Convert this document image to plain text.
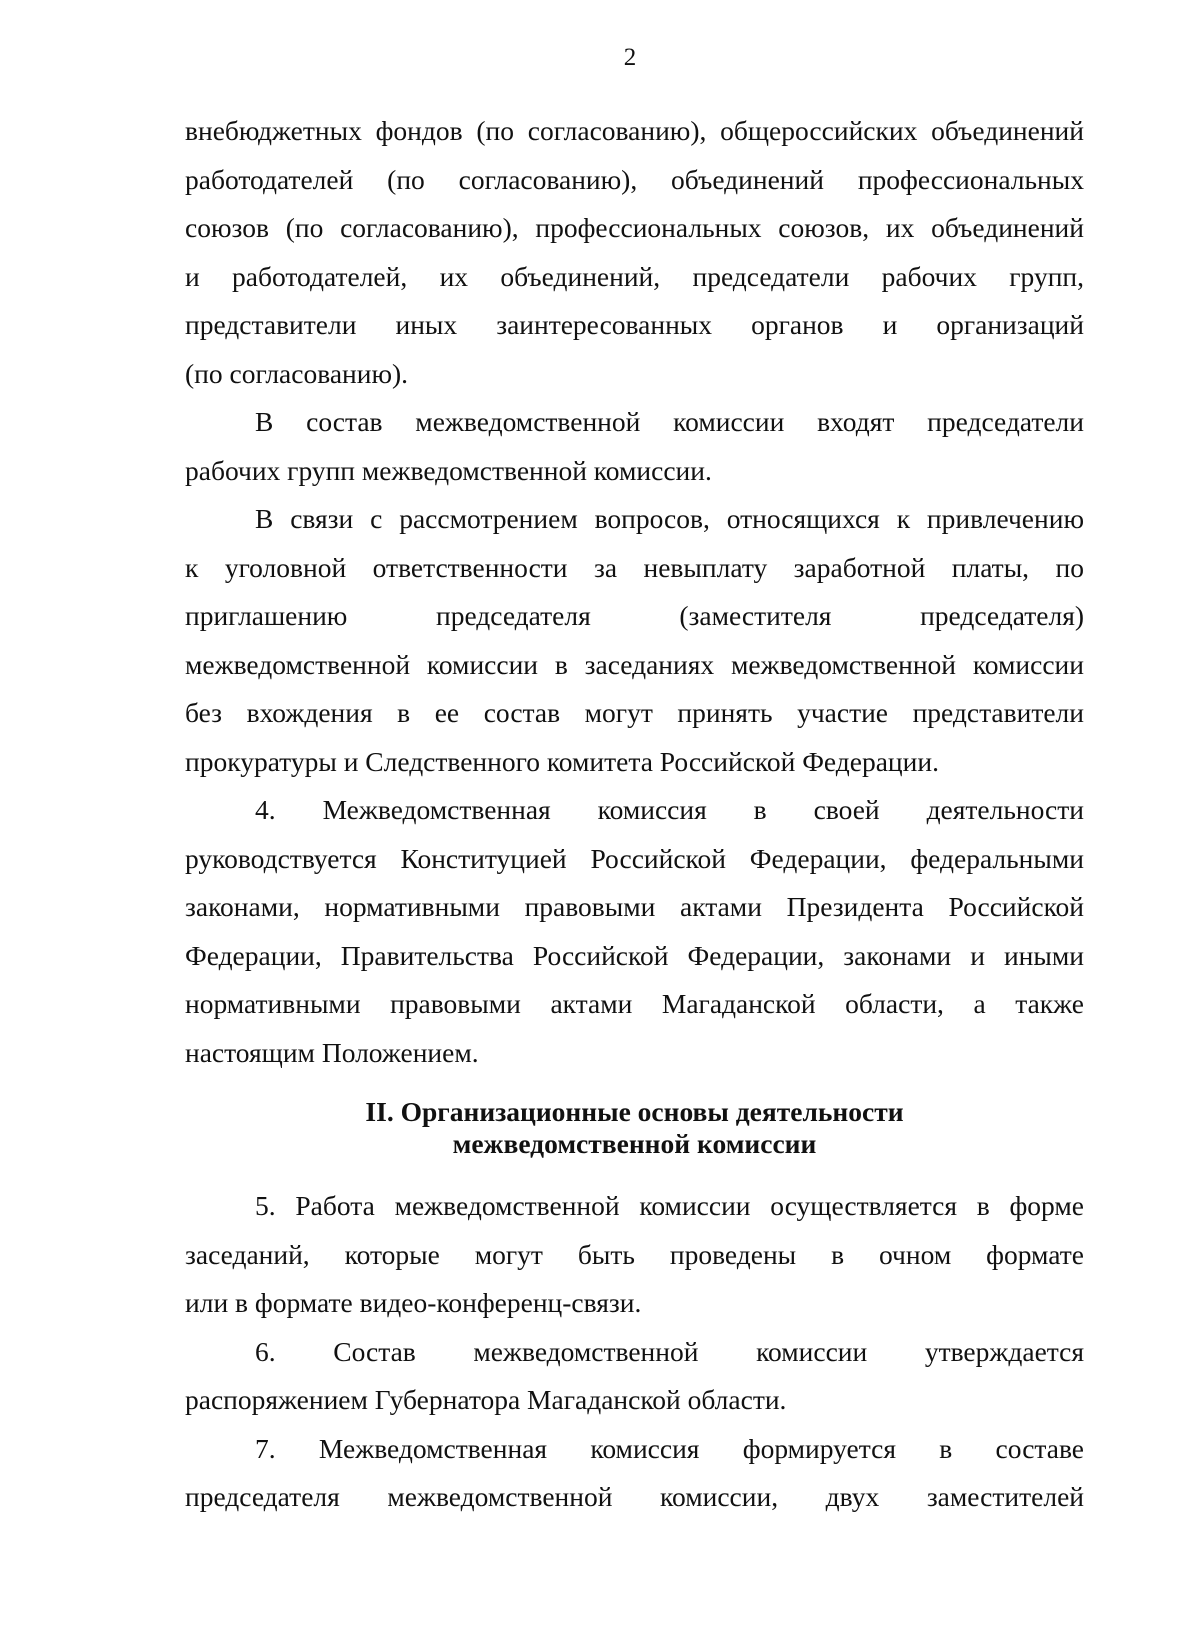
2
внебюджетных фондов (по согласованию), общероссийских объединений
работодателей (по согласованию), объединений профессиональных
союзов (по согласованию), профессиональных союзов, их объединений
и работодателей, их объединений, председатели рабочих групп,
представители иных заинтересованных органов и организаций
(по согласованию).
В состав межведомственной комиссии входят председатели
рабочих групп межведомственной комиссии.
В связи с рассмотрением вопросов, относящихся к привлечению
к уголовной ответственности за невыплату заработной платы, по
приглашению председателя (заместителя председателя)
межведомственной комиссии в заседаниях межведомственной комиссии
без вхождения в ее состав могут принять участие представители
прокуратуры и Следственного комитета Российской Федерации.
4. Межведомственная комиссия в своей деятельности
руководствуется Конституцией Российской Федерации, федеральными
законами, нормативными правовыми актами Президента Российской
Федерации, Правительства Российской Федерации, законами и иными
нормативными правовыми актами Магаданской области, а также
настоящим Положением.
II. Организационные основы деятельности
межведомственной комиссии
5. Работа межведомственной комиссии осуществляется в форме
заседаний, которые могут быть проведены в очном формате
или в формате видео-конференц-связи.
6. Состав межведомственной комиссии утверждается
распоряжением Губернатора Магаданской области.
7. Межведомственная комиссия формируется в составе
председателя межведомственной комиссии, двух заместителей
